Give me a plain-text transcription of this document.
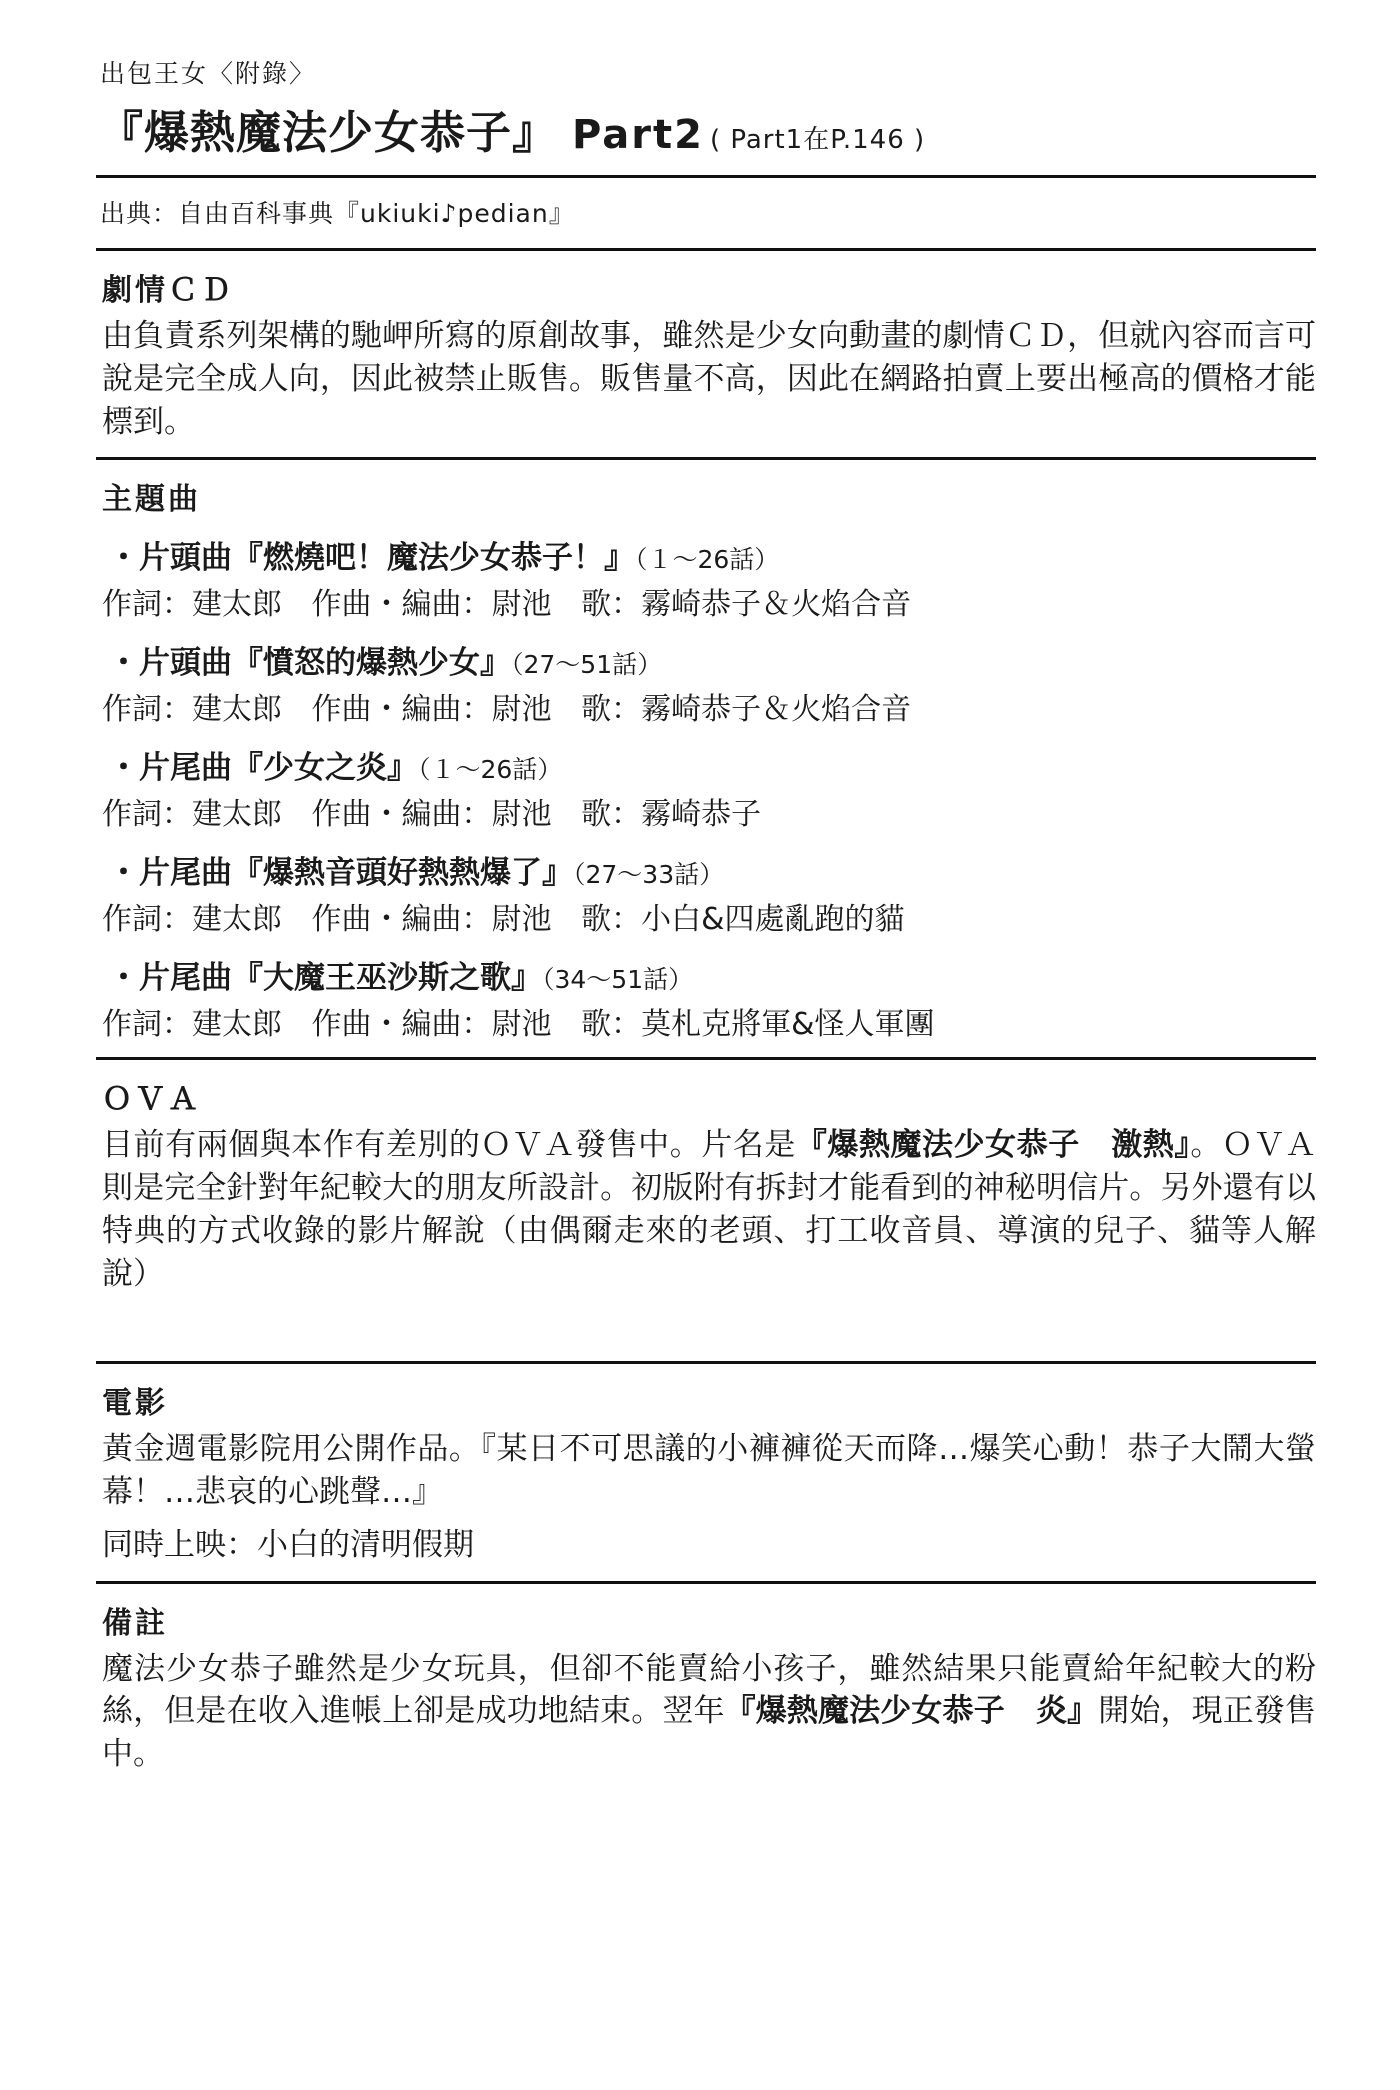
出包王女〈附錄〉
『爆熱魔法少女恭子』 Part2 ( Part1在P.146 )
出典：自由百科事典『ukiuki♪pedian』
劇情ＣＤ
由負責系列架構的馳岬所寫的原創故事，雖然是少女向動畫的劇情ＣＤ，但就內容而言可說是完全成人向，因此被禁止販售。販售量不高，因此在網路拍賣上要出極高的價格才能標到。
主題曲
・片頭曲『燃燒吧！魔法少女恭子！』（１～26話）
作詞：建太郎 作曲・編曲：尉池 歌：霧崎恭子＆火焰合音
・片頭曲『憤怒的爆熱少女』（27～51話）
作詞：建太郎 作曲・編曲：尉池 歌：霧崎恭子＆火焰合音
・片尾曲『少女之炎』（１～26話）
作詞：建太郎 作曲・編曲：尉池 歌：霧崎恭子
・片尾曲『爆熱音頭好熱熱爆了』（27～33話）
作詞：建太郎 作曲・編曲：尉池 歌：小白&四處亂跑的貓
・片尾曲『大魔王巫沙斯之歌』（34～51話）
作詞：建太郎 作曲・編曲：尉池 歌：莫札克將軍&怪人軍團
ＯＶＡ
目前有兩個與本作有差別的ＯＶＡ發售中。片名是『爆熱魔法少女恭子　激熱』。ＯＶＡ則是完全針對年紀較大的朋友所設計。初版附有拆封才能看到的神秘明信片。另外還有以特典的方式收錄的影片解說（由偶爾走來的老頭、打工收音員、導演的兒子、貓等人解說）
電影
黃金週電影院用公開作品。『某日不可思議的小褲褲從天而降…爆笑心動！恭子大鬧大螢幕！…悲哀的心跳聲…』
同時上映：小白的清明假期
備註
魔法少女恭子雖然是少女玩具，但卻不能賣給小孩子，雖然結果只能賣給年紀較大的粉絲，但是在收入進帳上卻是成功地結束。翌年『爆熱魔法少女恭子　炎』開始，現正發售中。
